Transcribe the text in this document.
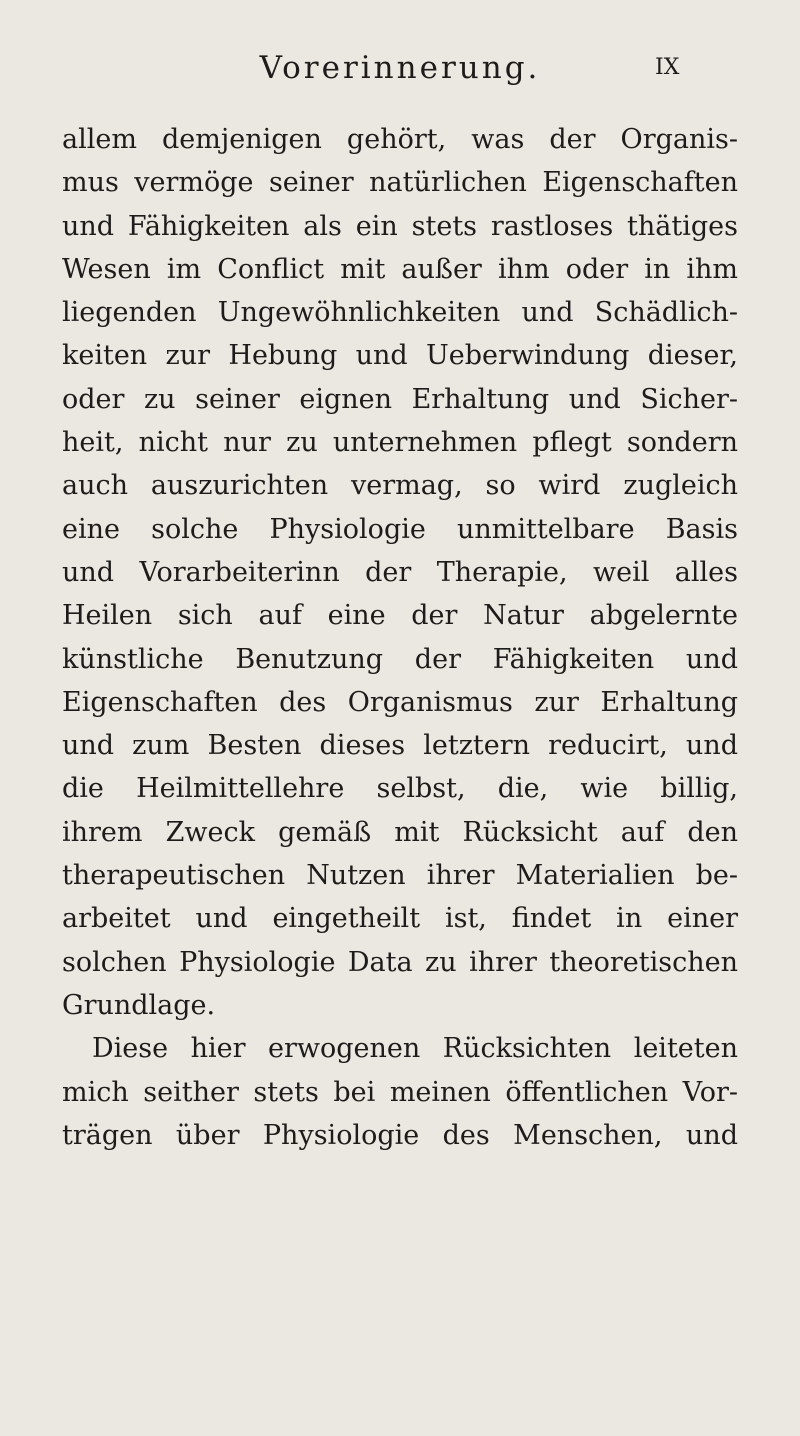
Vorerinnerung.	IX
allem demjenigen gehört, was der Organis-
mus vermöge seiner natürlichen Eigenschaften
und Fähigkeiten als ein stets rastloses thätiges
Wesen im Conflict mit außer ihm oder in ihm
liegenden Ungewöhnlichkeiten und Schädlich-
keiten zur Hebung und Ueberwindung dieser,
oder zu seiner eignen Erhaltung und Sicher-
heit, nicht nur zu unternehmen pflegt sondern
auch auszurichten vermag, so wird zugleich
eine solche Physiologie unmittelbare Basis
und Vorarbeiterinn der Therapie, weil alles
Heilen sich auf eine der Natur abgelernte
künstliche Benutzung der Fähigkeiten und
Eigenschaften des Organismus zur Erhaltung
und zum Besten dieses letztern reducirt, und
die Heilmittellehre selbst, die, wie billig,
ihrem Zweck gemäß mit Rücksicht auf den
therapeutischen Nutzen ihrer Materialien be-
arbeitet und eingetheilt ist, findet in einer
solchen Physiologie Data zu ihrer theoretischen
Grundlage.
Diese hier erwogenen Rücksichten leiteten
mich seither stets bei meinen öffentlichen Vor-
trägen über Physiologie des Menschen, und
